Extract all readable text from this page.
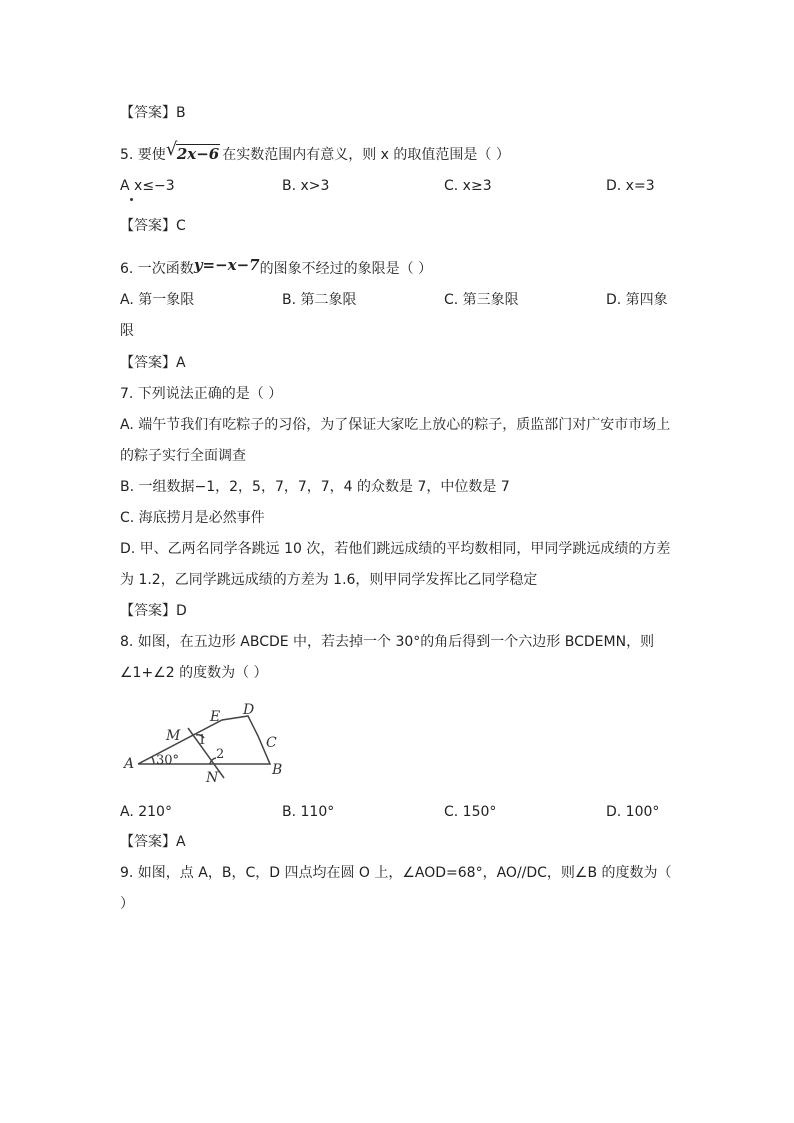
【答案】B
5. 要使 √ 2x−6 在实数范围内有意义，则 x 的取值范围是（ ）
A x≤−3	B. x>3	C. x≥3	D. x=3
【答案】C
6. 一次函数y=−x−7的图象不经过的象限是（ ）
A. 第一象限	B. 第二象限	C. 第三象限	D. 第四象
限
【答案】A
7. 下列说法正确的是（ ）
A. 端午节我们有吃粽子的习俗，为了保证大家吃上放心的粽子，质监部门对广安市市场上
的粽子实行全面调查
B. 一组数据−1，2，5，7，7，7，4 的众数是 7，中位数是 7
C. 海底捞月是必然事件
D. 甲、乙两名同学各跳远 10 次，若他们跳远成绩的平均数相同，甲同学跳远成绩的方差
为 1.2，乙同学跳远成绩的方差为 1.6，则甲同学发挥比乙同学稳定
【答案】D
8. 如图，在五边形 ABCDE 中，若去掉一个 30°的角后得到一个六边形 BCDEMN，则
∠1+∠2 的度数为（ ）
A	B
C
D
E
M
N
1
2
30°
A. 210°	B. 110°	C. 150°	D. 100°
【答案】A
9. 如图，点 A，B，C，D 四点均在圆 O 上，∠AOD=68°，AO//DC，则∠B 的度数为（
）
